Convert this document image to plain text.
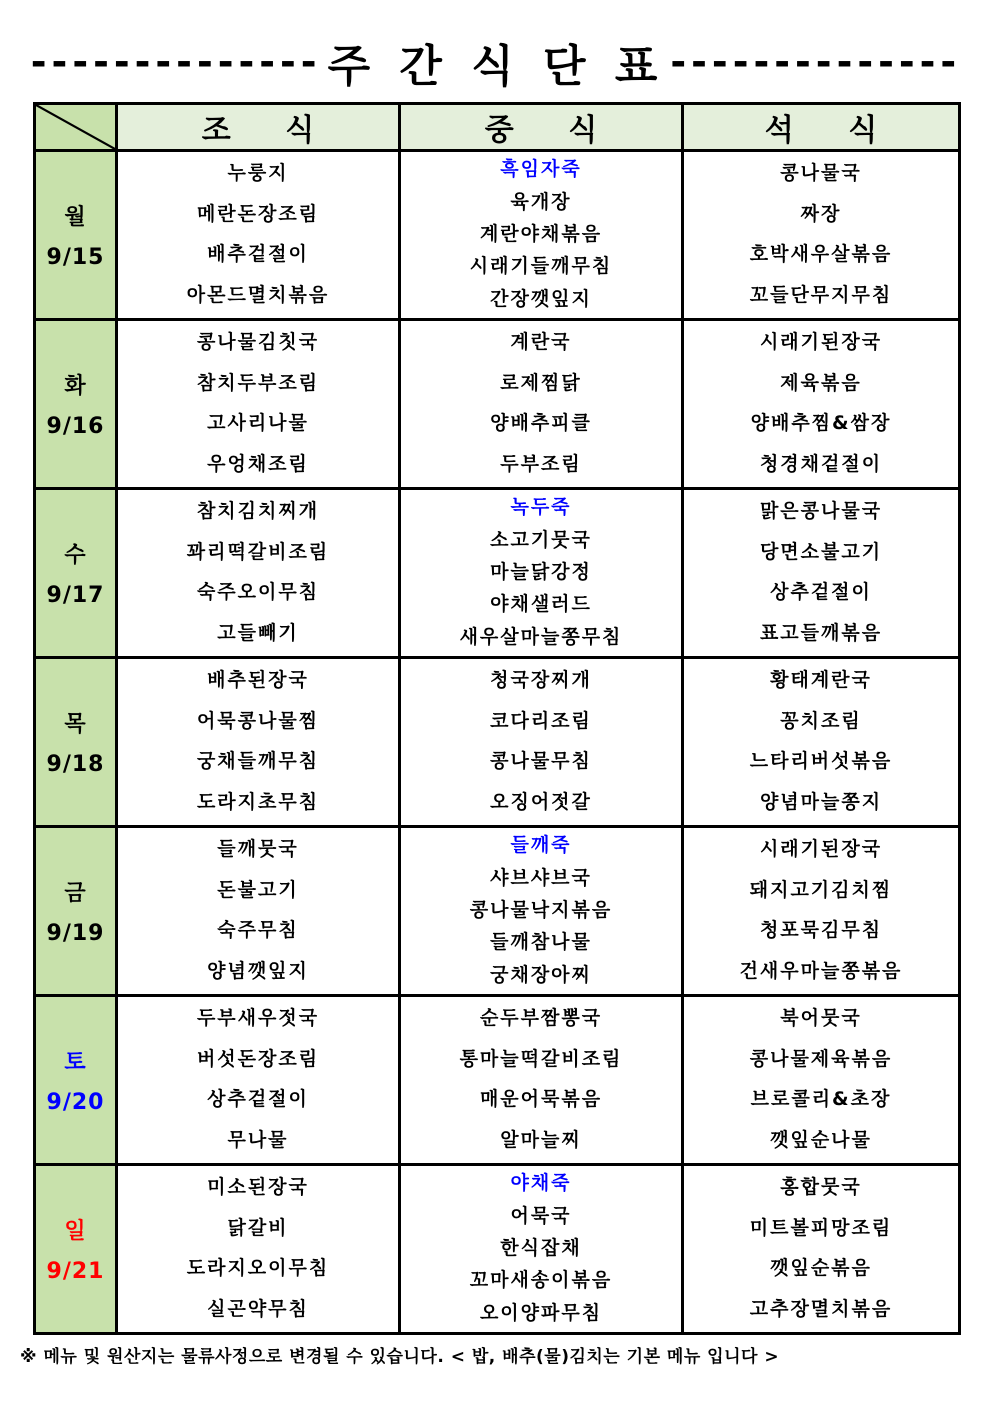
-------------- 주 간 식 단 표 --------------
	조 식	중 식	석 식

월
9/15

누룽지
메란돈장조림
배추겉절이
아몬드멸치볶음

흑임자죽
육개장
계란야채볶음
시래기들깨무침
간장깻잎지

콩나물국
짜장
호박새우살볶음
꼬들단무지무침

화
9/16

콩나물김칫국
참치두부조림
고사리나물
우엉채조림

계란국
로제찜닭
양배추피클
두부조림

시래기된장국
제육볶음
양배추찜&쌈장
청경채겉절이

수
9/17

참치김치찌개
꽈리떡갈비조림
숙주오이무침
고들빼기

녹두죽
소고기뭇국
마늘닭강정
야채샐러드
새우살마늘쫑무침

맑은콩나물국
당면소불고기
상추겉절이
표고들깨볶음

목
9/18

배추된장국
어묵콩나물찜
궁채들깨무침
도라지초무침

청국장찌개
코다리조림
콩나물무침
오징어젓갈

황태계란국
꽁치조림
느타리버섯볶음
양념마늘쫑지

금
9/19

들깨뭇국
돈불고기
숙주무침
양념깻잎지

들깨죽
샤브샤브국
콩나물낙지볶음
들깨참나물
궁채장아찌

시래기된장국
돼지고기김치찜
청포묵김무침
건새우마늘쫑볶음

토
9/20

두부새우젓국
버섯돈장조림
상추겉절이
무나물

순두부짬뽕국
통마늘떡갈비조림
매운어묵볶음
알마늘찌

북어뭇국
콩나물제육볶음
브로콜리&초장
깻잎순나물

일
9/21

미소된장국
닭갈비
도라지오이무침
실곤약무침

야채죽
어묵국
한식잡채
꼬마새송이볶음
오이양파무침

홍합뭇국
미트볼피망조림
깻잎순볶음
고추장멸치볶음
※ 메뉴 및 원산지는 물류사정으로 변경될 수 있습니다. < 밥, 배추(물)김치는 기본 메뉴 입니다 >
